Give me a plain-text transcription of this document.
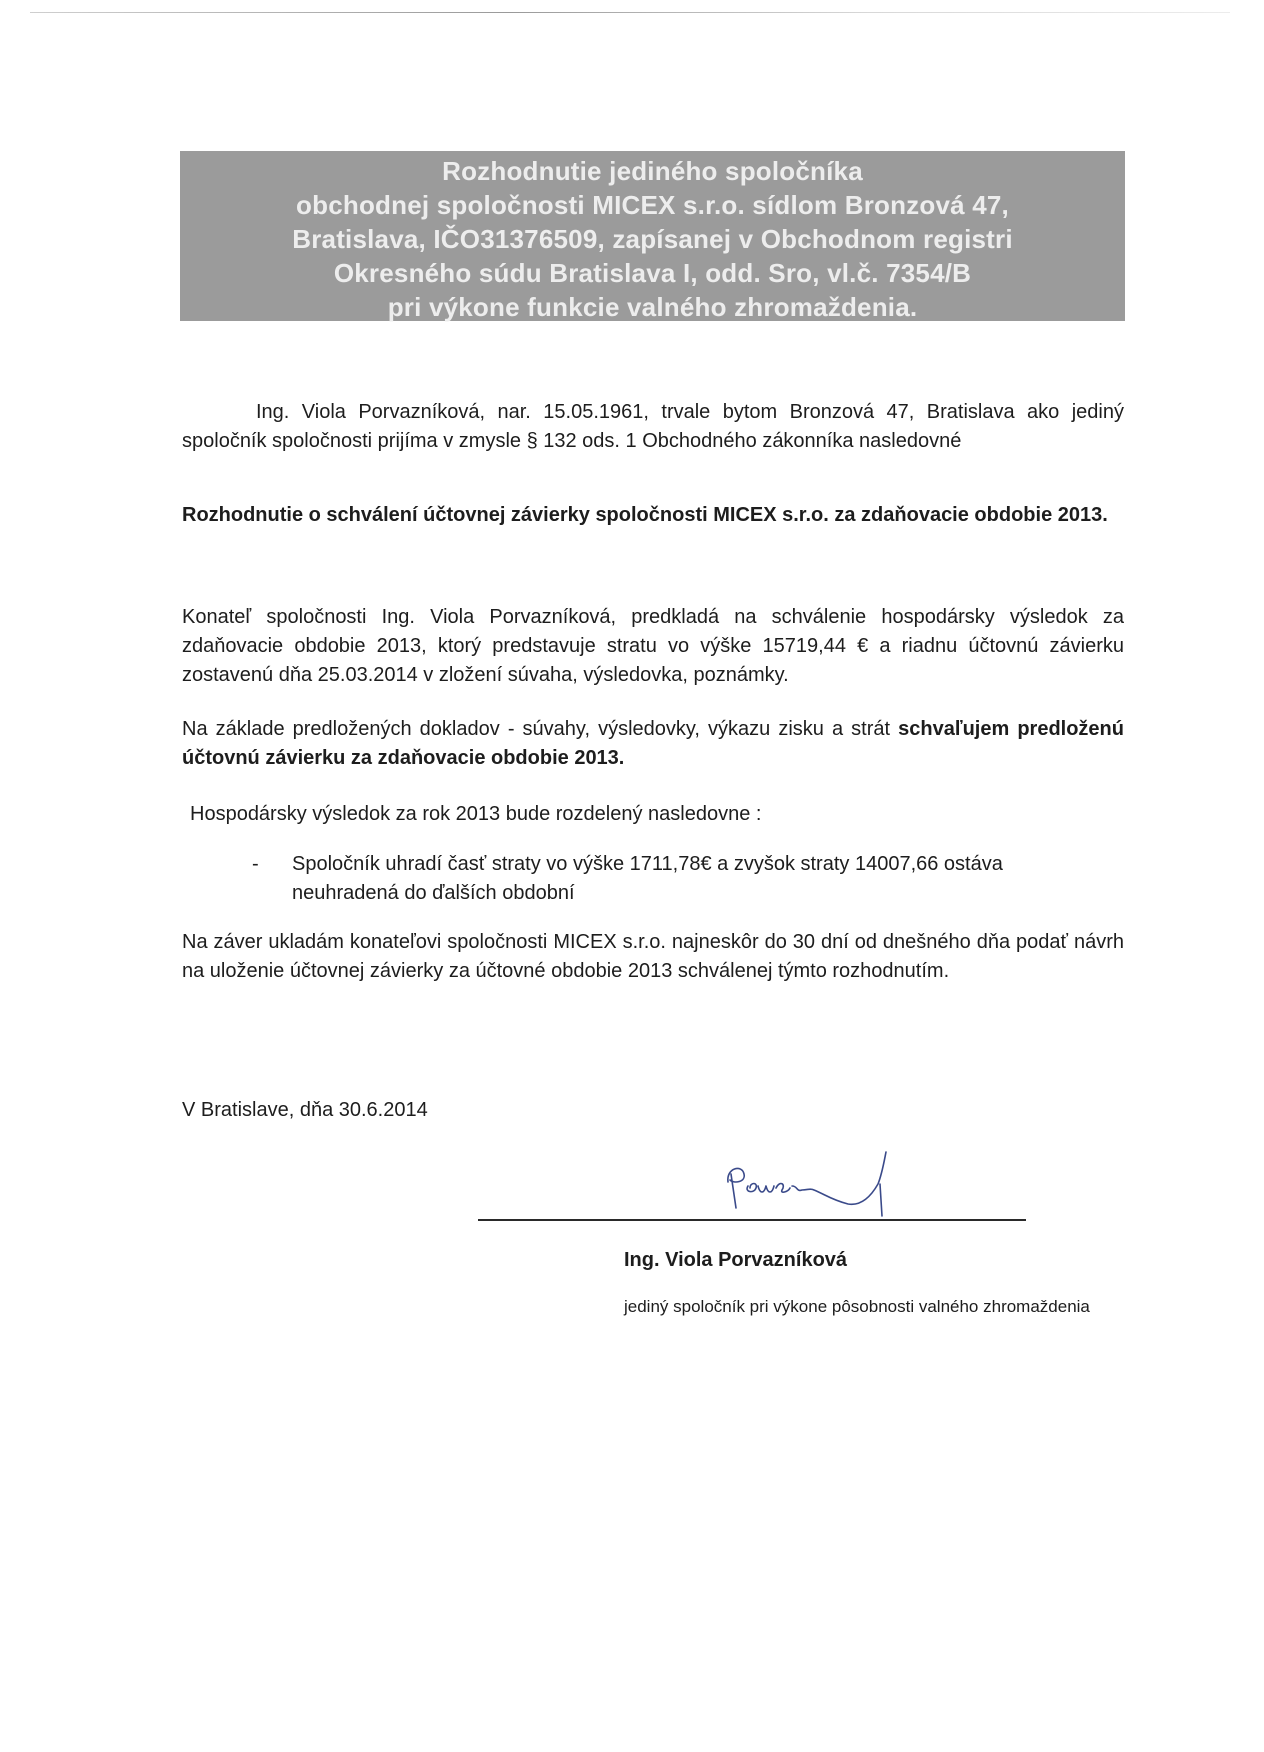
Rozhodnutie jediného spoločníka
obchodnej spoločnosti MICEX s.r.o. sídlom Bronzová 47,
Bratislava, IČO31376509, zapísanej v Obchodnom registri
Okresného súdu Bratislava I, odd. Sro, vl.č. 7354/B
pri výkone funkcie valného zhromaždenia.
Ing. Viola Porvazníková, nar. 15.05.1961, trvale bytom Bronzová 47, Bratislava ako jediný spoločník spoločnosti prijíma v zmysle § 132 ods. 1 Obchodného zákonníka nasledovné
Rozhodnutie o schválení účtovnej závierky spoločnosti MICEX s.r.o. za zdaňovacie obdobie 2013.
Konateľ spoločnosti Ing. Viola Porvazníková, predkladá na schválenie hospodársky výsledok za zdaňovacie obdobie 2013, ktorý predstavuje stratu vo výške 15719,44 € a riadnu účtovnú závierku zostavenú dňa 25.03.2014 v zložení súvaha, výsledovka, poznámky.
Na základe predložených dokladov - súvahy, výsledovky, výkazu zisku a strát schvaľujem predloženú účtovnú závierku za zdaňovacie obdobie 2013.
Hospodársky výsledok za rok 2013 bude rozdelený nasledovne :
- Spoločník uhradí časť straty vo výške 1711,78€ a zvyšok straty 14007,66 ostáva neuhradená do ďalších obdobní
Na záver ukladám konateľovi spoločnosti MICEX s.r.o. najneskôr do 30 dní od dnešného dňa podať návrh na uloženie účtovnej závierky za účtovné obdobie 2013 schválenej týmto rozhodnutím.
V Bratislave, dňa 30.6.2014
Ing. Viola Porvazníková
jediný spoločník pri výkone pôsobnosti valného zhromaždenia
